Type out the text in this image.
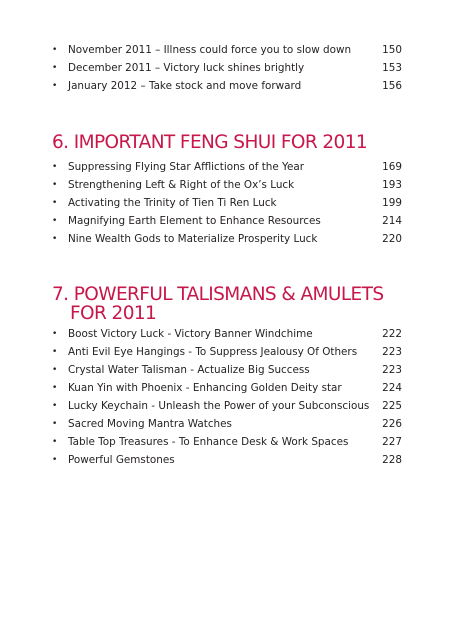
•	November 2011 – Illness could force you to slow down	150
•	December 2011 – Victory luck shines brightly	153
•	January 2012 – Take stock and move forward	156
6. IMPORTANT FENG SHUI FOR 2011
•	Suppressing Flying Star Afflictions of the Year	169
•	Strengthening Left & Right of the Ox’s Luck	193
•	Activating the Trinity of Tien Ti Ren Luck	199
•	Magnifying Earth Element to Enhance Resources	214
•	Nine Wealth Gods to Materialize Prosperity Luck	220
7. POWERFUL TALISMANS & AMULETS
FOR 2011
•	Boost Victory Luck - Victory Banner Windchime	222
•	Anti Evil Eye Hangings - To Suppress Jealousy Of Others 223
•	Crystal Water Talisman - Actualize Big Success	223
•	Kuan Yin with Phoenix - Enhancing Golden Deity star	224
•	Lucky Keychain - Unleash the Power of your Subconscious 225
•	Sacred Moving Mantra Watches	226
•	Table Top Treasures - To Enhance Desk & Work Spaces	227
•	Powerful Gemstones	228
